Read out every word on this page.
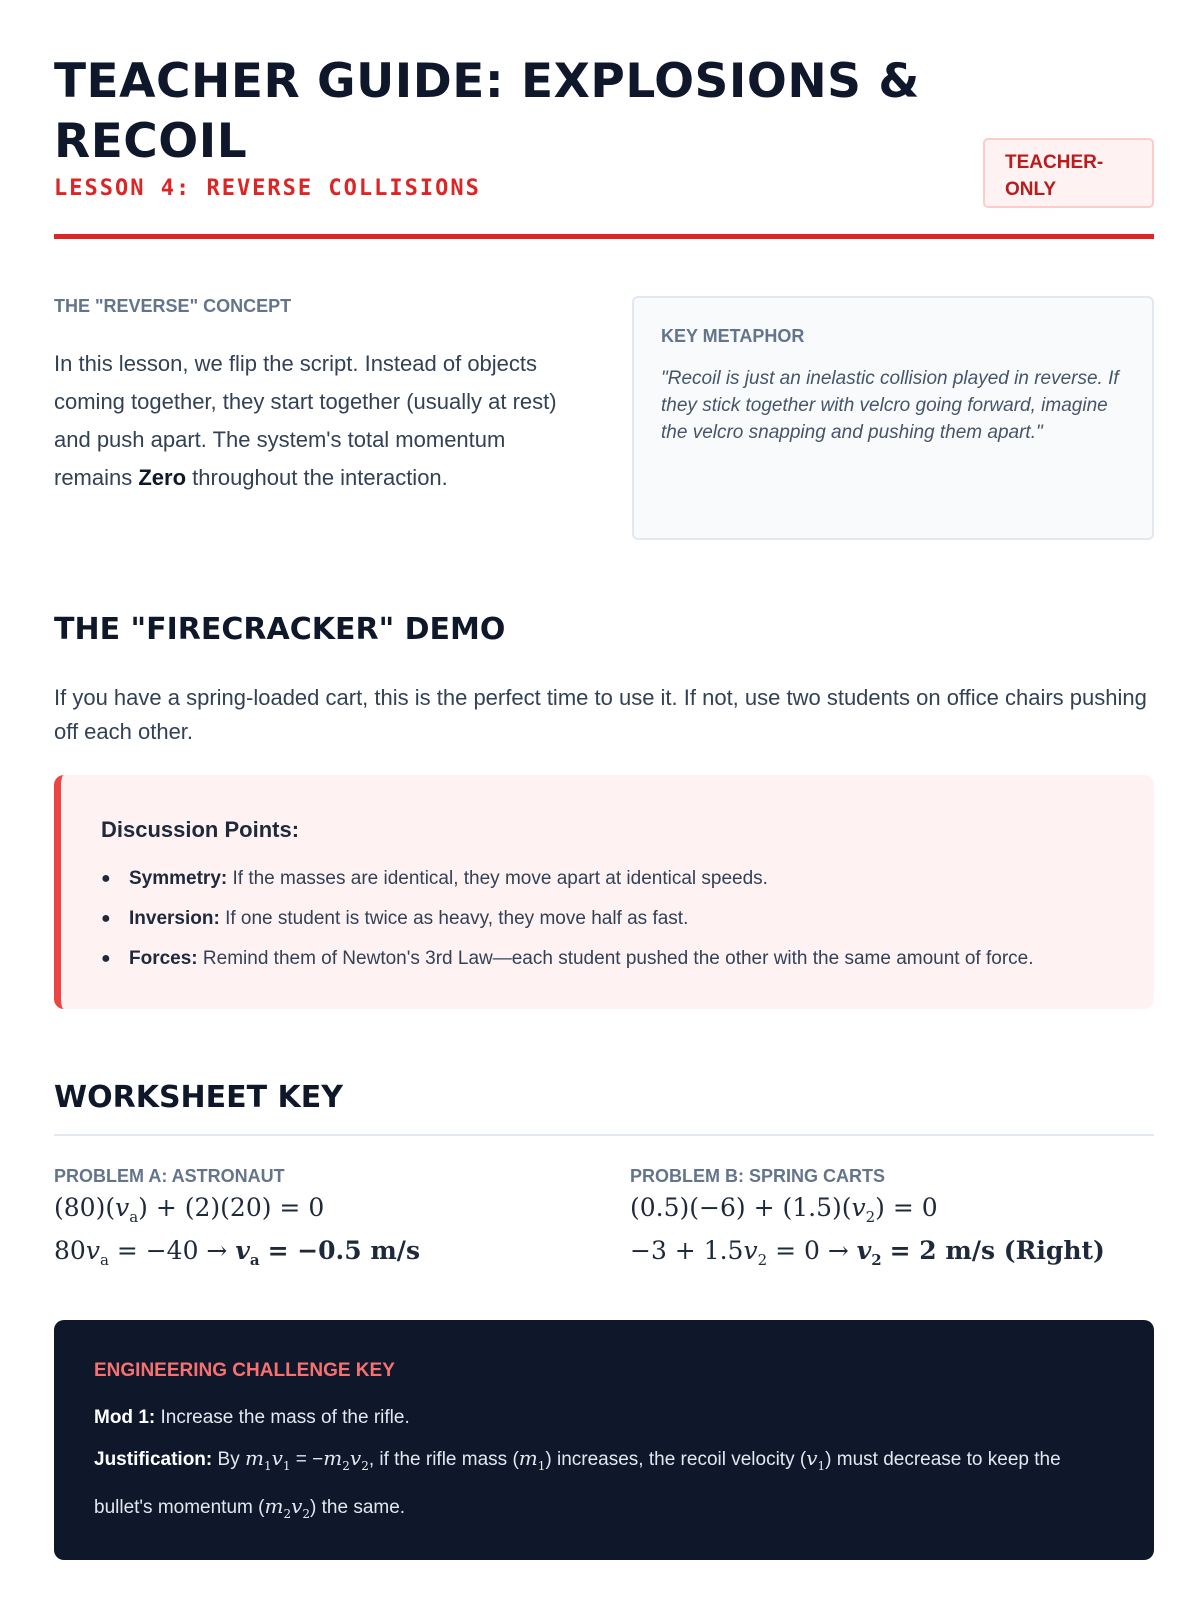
TEACHER GUIDE: EXPLOSIONS &
RECOIL
LESSON 4: REVERSE COLLISIONS
TEACHER-
ONLY
THE "REVERSE" CONCEPT

In this lesson, we flip the script. Instead of objects coming together, they start together (usually at rest) and push apart. The system's total momentum remains Zero throughout the interaction.

KEY METAPHOR

"Recoil is just an inelastic collision played in reverse. If they stick together with velcro going forward, imagine the velcro snapping and pushing them apart."

THE "FIRECRACKER" DEMO

If you have a spring-loaded cart, this is the perfect time to use it. If not, use two students on office chairs pushing off each other.

Discussion Points:
● Symmetry: If the masses are identical, they move apart at identical speeds.
● Inversion: If one student is twice as heavy, they move half as fast.
● Forces: Remind them of Newton's 3rd Law—each student pushed the other with the same amount of force.
WORKSHEET KEY
PROBLEM A: ASTRONAUT
$(80)(v_a) + (2)(20) = 0$
$80v_a = -40 \to v_a = -0.5$ m/s
PROBLEM B: SPRING CARTS
$(0.5)(-6) + (1.5)(v_2) = 0$
$-3 + 1.5v_2 = 0 \to v_2 = 2$ m/s (Right)
ENGINEERING CHALLENGE KEY
Mod 1: Increase the mass of the rifle.
Justification: By $m_1v_1 = -m_2v_2$, if the rifle mass $(m_1)$ increases, the recoil velocity $(v_1)$ must decrease to keep the bullet's momentum $(m_2v_2)$ the same.
